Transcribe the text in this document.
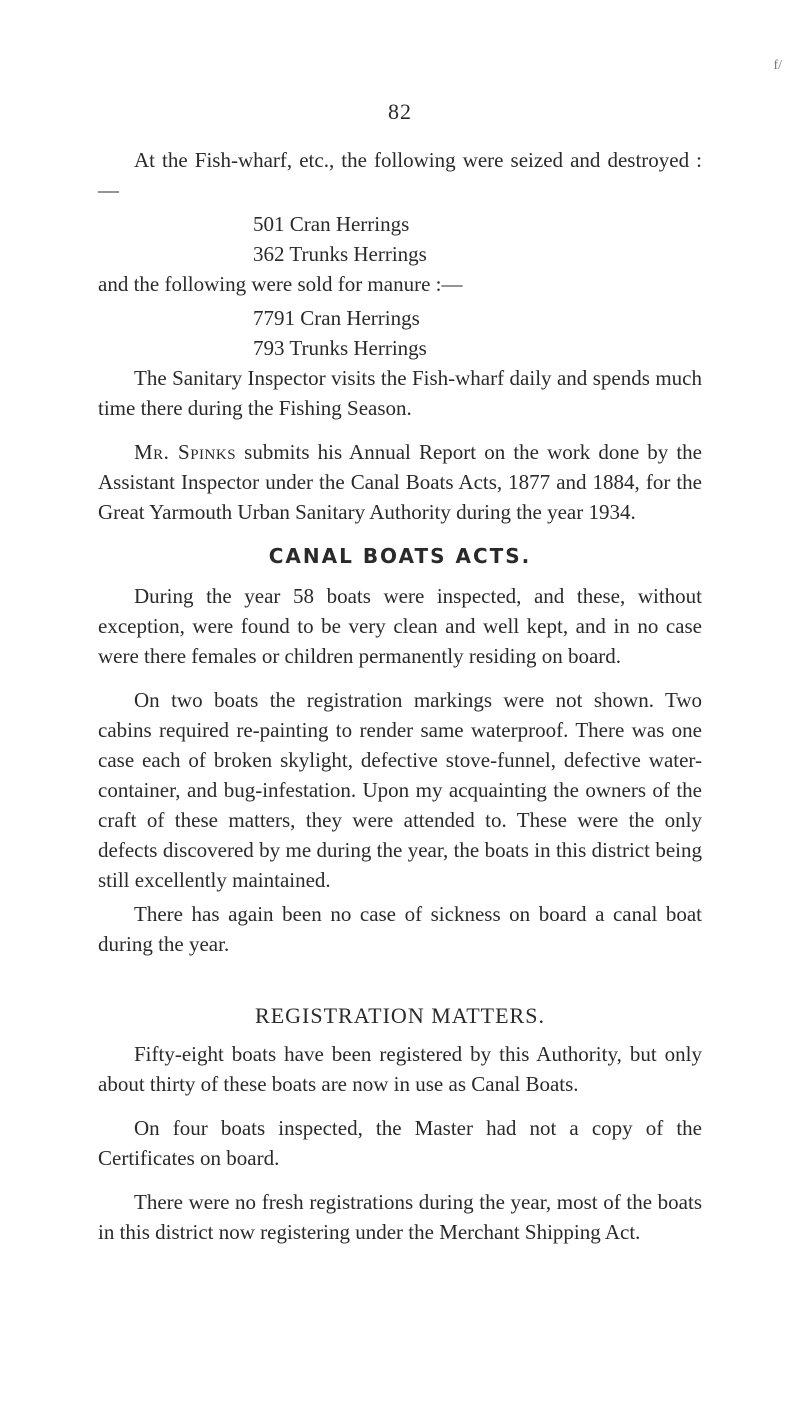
f/
82

At the Fish-wharf, etc., the following were seized and destroyed :—

501 Cran Herrings
362 Trunks Herrings

and the following were sold for manure :—

7791 Cran Herrings
793 Trunks Herrings

The Sanitary Inspector visits the Fish-wharf daily and spends much time there during the Fishing Season.

Mr. Spinks submits his Annual Report on the work done by the Assistant Inspector under the Canal Boats Acts, 1877 and 1884, for the Great Yarmouth Urban Sanitary Authority during the year 1934.

CANAL BOATS ACTS.

During the year 58 boats were inspected, and these, without exception, were found to be very clean and well kept, and in no case were there females or children permanently residing on board.

On two boats the registration markings were not shown. Two cabins required re-painting to render same waterproof. There was one case each of broken skylight, defective stove-funnel, defective water-container, and bug-infestation. Upon my acquainting the owners of the craft of these matters, they were attended to. These were the only defects discovered by me during the year, the boats in this district being still excellently maintained.

There has again been no case of sickness on board a canal boat during the year.

REGISTRATION MATTERS.

Fifty-eight boats have been registered by this Authority, but only about thirty of these boats are now in use as Canal Boats.

On four boats inspected, the Master had not a copy of the Certificates on board.

There were no fresh registrations during the year, most of the boats in this district now registering under the Merchant Shipping Act.
